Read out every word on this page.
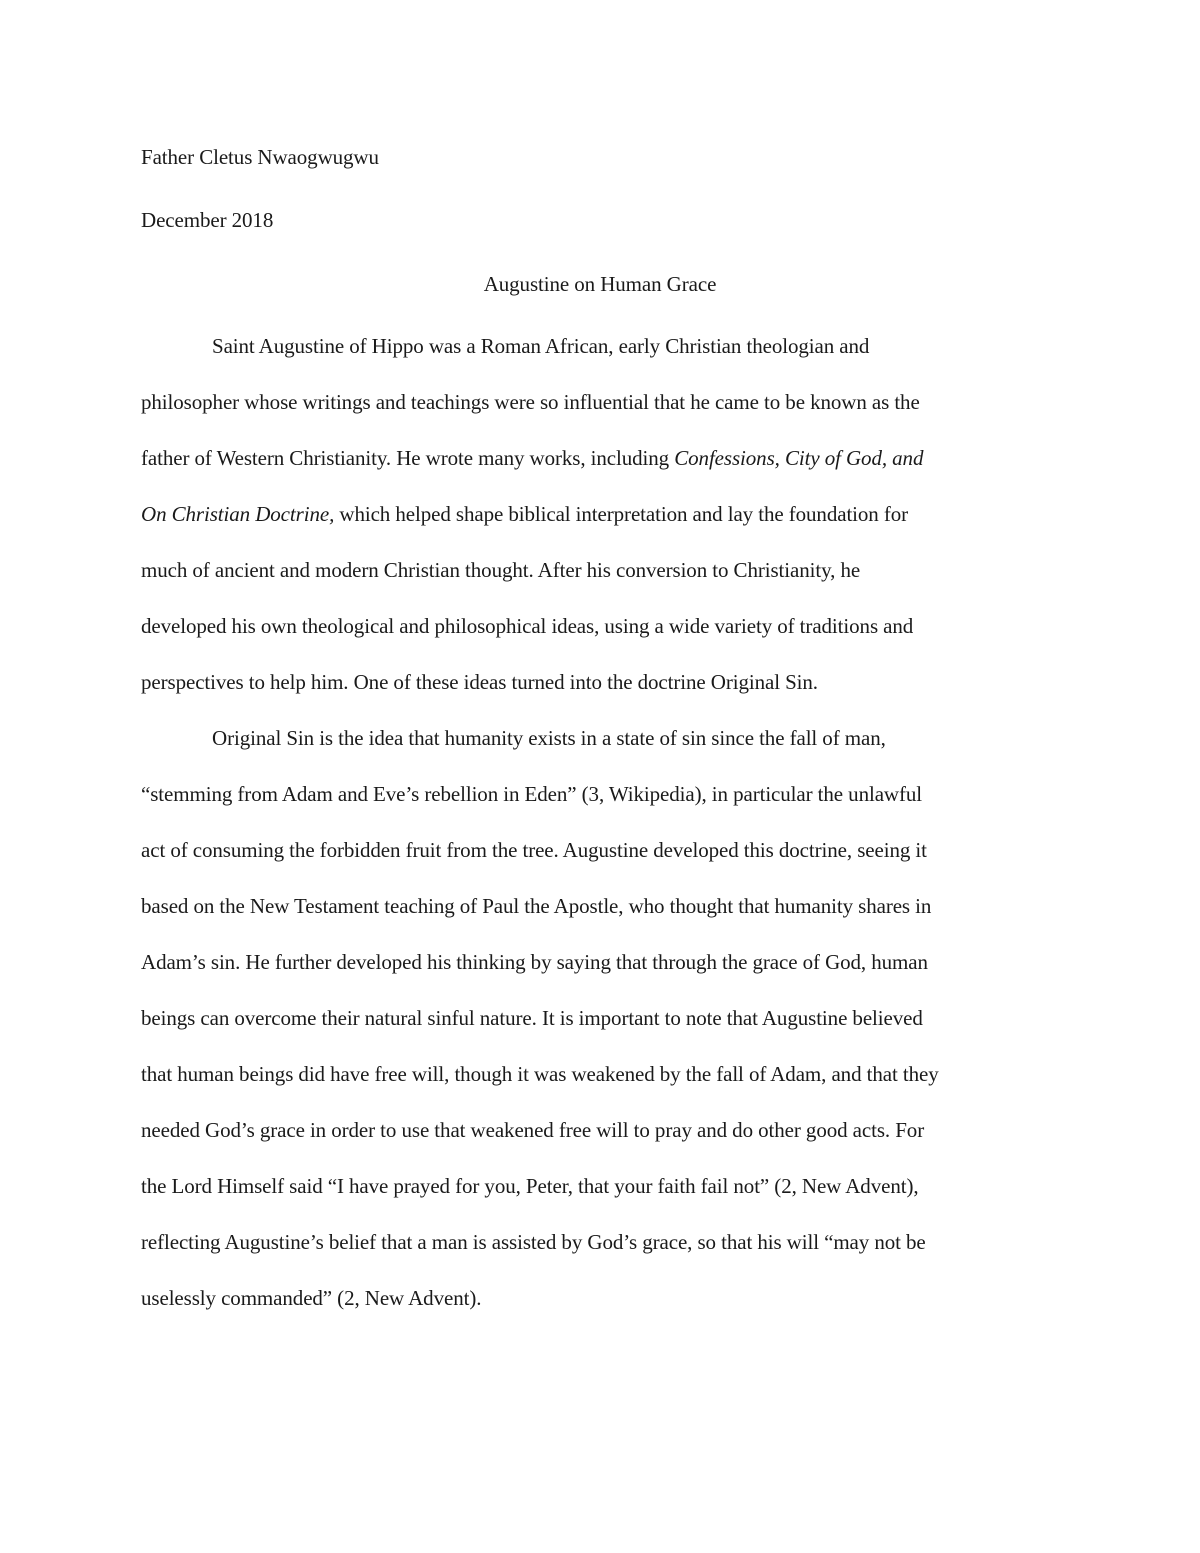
Father Cletus Nwaogwugwu
December 2018
Augustine on Human Grace
Saint Augustine of Hippo was a Roman African, early Christian theologian and
philosopher whose writings and teachings were so influential that he came to be known as the
father of Western Christianity. He wrote many works, including Confessions, City of God, and
On Christian Doctrine, which helped shape biblical interpretation and lay the foundation for
much of ancient and modern Christian thought. After his conversion to Christianity, he
developed his own theological and philosophical ideas, using a wide variety of traditions and
perspectives to help him. One of these ideas turned into the doctrine Original Sin.
Original Sin is the idea that humanity exists in a state of sin since the fall of man,
“stemming from Adam and Eve’s rebellion in Eden” (3, Wikipedia), in particular the unlawful
act of consuming the forbidden fruit from the tree. Augustine developed this doctrine, seeing it
based on the New Testament teaching of Paul the Apostle, who thought that humanity shares in
Adam’s sin. He further developed his thinking by saying that through the grace of God, human
beings can overcome their natural sinful nature. It is important to note that Augustine believed
that human beings did have free will, though it was weakened by the fall of Adam, and that they
needed God’s grace in order to use that weakened free will to pray and do other good acts. For
the Lord Himself said “I have prayed for you, Peter, that your faith fail not” (2, New Advent),
reflecting Augustine’s belief that a man is assisted by God’s grace, so that his will “may not be
uselessly commanded” (2, New Advent).
